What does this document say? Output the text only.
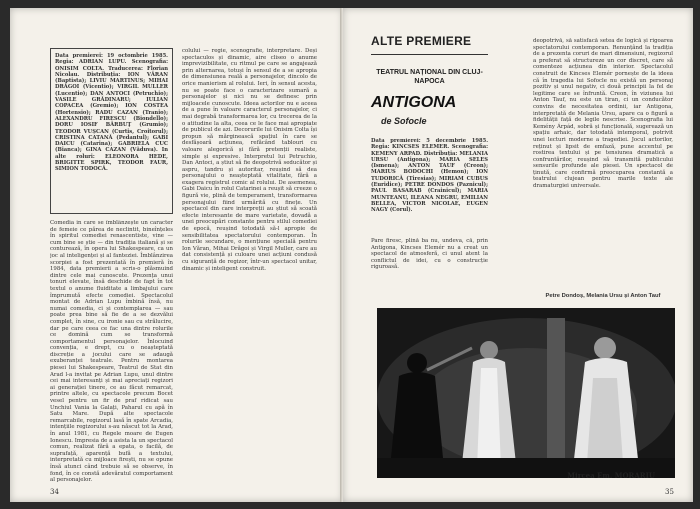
Data premierei: 19 octombrie 1985. Regia: ADRIAN LUPU. Scenografia: ONISIM COLTA. Traducerea: Florian Nicolau. Distribuția: ION VĂRAN (Baptista); LIVIU MARTINUS; MIHAI DRĂGOI (Vicentio); VIRGIL MULLER (Lucentio); DAN ANTOCI (Petruchio); VASILE GRĂDINARU; IULIAN COPACEA (Gremio); ION COSTEA (Hortensio); RADU CAZAN (Tranio); ALEXANDRU FIRESCU (Biondello); DORU IOSIF BĂRBUŢ (Grumio); TEODOR VUȘCAN (Curtis, Croitorul); CRISTINA CATANĂ (Pedantul); GABI DAICU (Catarina); GABRIELA CUC (Bianca); GINA CAZAN (Văduva). In alte roluri: ELEONORA HEDE, BRIGITTE SPIRK, TEODOR FAUR, SIMION TODOCĂ.

Comedia in care se îmblânzește un caracter de femeie ce părea de neclintit, bineînțeles în spiritul comediei renascentiste, vine — cum bine se știe — din tradiția italiană și se conturează, în opera lui Shakespeare, ca un joc al inteligenței și al fanteziei. Îmblânzirea scorpiei a fost prezentată în premieră în 1984, data premierii a scris-o plăsmuind dintre cele mai cunoscute. Prezența unui tonuri elevate, însă deschide de fapt în tot textul o anume fluiditate a limbajului care împrumută efecte comediei. Spectacolul montat de Adrian Lupu îmbină însă, nu numai comedia, ci și contemplarea — sau poate prea bine să fie de a se dezvălui complet, în sine, cu ironie sau cu strălucire, dar pe care ceea ce fac una dintre rolurile ce domină cum se transformă comportamentul personajelor. Înlocuind convenția, e drept, cu o neașteptată discreție a jocului care se adaugă exuberanței teatrale. Pentru montarea piesei lui Shakespeare, Teatrul de Stat din Arad l-a invitat pe Adrian Lupu, unul dintre cei mai interesanți și mai apreciați regizori ai generației tinere, ce au făcut remarcat, printre altele, cu spectacole precum Bocet vesel pentru un fir de praf ridicat sau Unchiul Vania la Galați, Paharul cu apă în Satu Mare. După alte spectacole remarcabile, regizorul lasă în spate Arcadia, intențiile regizorului s-au născut tot la Arad, în anul 1981, cu Regele moare de Eugen Ionescu. Impresia de a asista la un spectacol comun, realizat fără a epata, o facilă, de suprafață, aparență bufă a textului, interpretată cu mijloace firești, nu se opune însă atunci când trebuie să se observe, în fond, în ce constă adevăratul comportament al personajelor.

colului — regie, scenografie, interpretare. Deși spectaculos și dinamic, aire cliseo o anume imprevizibilitate, cu ritmul pe care se angajează prin alternarea, totuși în sensul de a se apropia de dimensiunea reală a personajelor, dincolo de orice manierism al rolului. Ieri, în sensul acesta, nu se poate face o caracterizare sumară a personajelor și nici nu se definesc prin mijloacele cunoscute. Ideea actorilor nu e aceea de a pune în valoare caracterul personajelor, ci mai degrabă transformarea lor, cu trecerea de la o atitudine la alta, ceea ce le face mai apropiate de publicul de azi. Decorurile lui Onisim Colta își propun să mărginească spațiul în care se desfășoară acțiunea, refăcând tablouri cu valoare alegorică și fără pretenții realiste, simple și expresive. Interpretul lui Petruchio, Dan Antoci, a știut să fie deopotrivă seducător și aspru, tandru și autoritar, reușind să dea personajului o neașteptată vitalitate, fără a exagera registrul comic al rolului. De asemenea, Gabi Daicu în rolul Catarinei a reușit să creeze o figură vie, plină de temperament, transformarea personajului fiind urmărită cu finețe. Un spectacol din care interpreții au știut să scoată efecte interesante de mare varietate, dovadă a unei preocupări constante pentru stilul comediei de epocă, reușind totodată să-l apropie de sensibilitatea spectatorului contemporan. În rolurile secundare, o mențiune specială pentru Ion Văran, Mihai Drăgoi și Virgil Muller, care au dat consistență și culoare unei acțiuni condusă cu siguranță de regizor, într-un spectacol unitar, dinamic și inteligent construit.

34
ALTE PREMIERE
TEATRUL NAȚIONAL DIN CLUJ-NAPOCA
ANTIGONA
de Sofocle

Data premierei: 5 decembrie 1985. Regia: KINCSES ELEMER. Scenografia: KEMENY ARPAD. Distribuția: MELANIA URSU (Antigona); MARIA SELES (Ismena); ANTON TAUF (Creon); MARIUS BODOCHI (Hemon); ION TUDORICĂ (Tiresias); MIRIAM CUBUS (Euridice); PETRE DONDOS (Paznicul); PAUL BASARAB (Crainicul); MARIA MUNTEANU, ILEANA NEGRU, EMILIAN BELLEA, VICTOR NICOLAE, EUGEN NAGY (Corul).

Pare firesc, plină ba nu, undeva, că, prin Antigona, Kincses Elemér nu a creat un spectacol de atmosferă, ci unul atent la conflictul de idei, cu o construcție riguroasă.

deopotrivă, să satisfacă setea de logică și rigoarea spectatorului contemporan. Renunțând la tradiția de a prezenta coruri de mari dimensiuni, regizorul a preferat să structureze un cor discret, care să comenteze acțiunea din interior. Spectacolul construit de Kincses Elemér pornește de la ideea că în tragedia lui Sofocle nu există un personaj pozitiv și unul negativ, ci două principii la fel de legitime care se înfruntă. Creon, în viziunea lui Anton Tauf, nu este un tiran, ci un conducător convins de necesitatea ordinii, iar Antigona, interpretată de Melania Ursu, apare ca o figură a fidelității față de legile nescrise. Scenografia lui Kemény Árpád, sobră și funcțională, sugerează un spațiu arhaic, dar totodată intemporal, potrivit unei lecturi moderne a tragediei. Jocul actorilor, reținut și lipsit de emfază, pune accentul pe rostirea textului și pe tensiunea dramatică a confruntărilor, reușind să transmită publicului sensurile profunde ale piesei. Un spectacol de ținută, care confirmă preocuparea constantă a teatrului clujean pentru marile texte ale dramaturgiei universale.

Petre Dondoș, Melania Ursu și Anton Tauf
Mircea Em. MORARIU
35
